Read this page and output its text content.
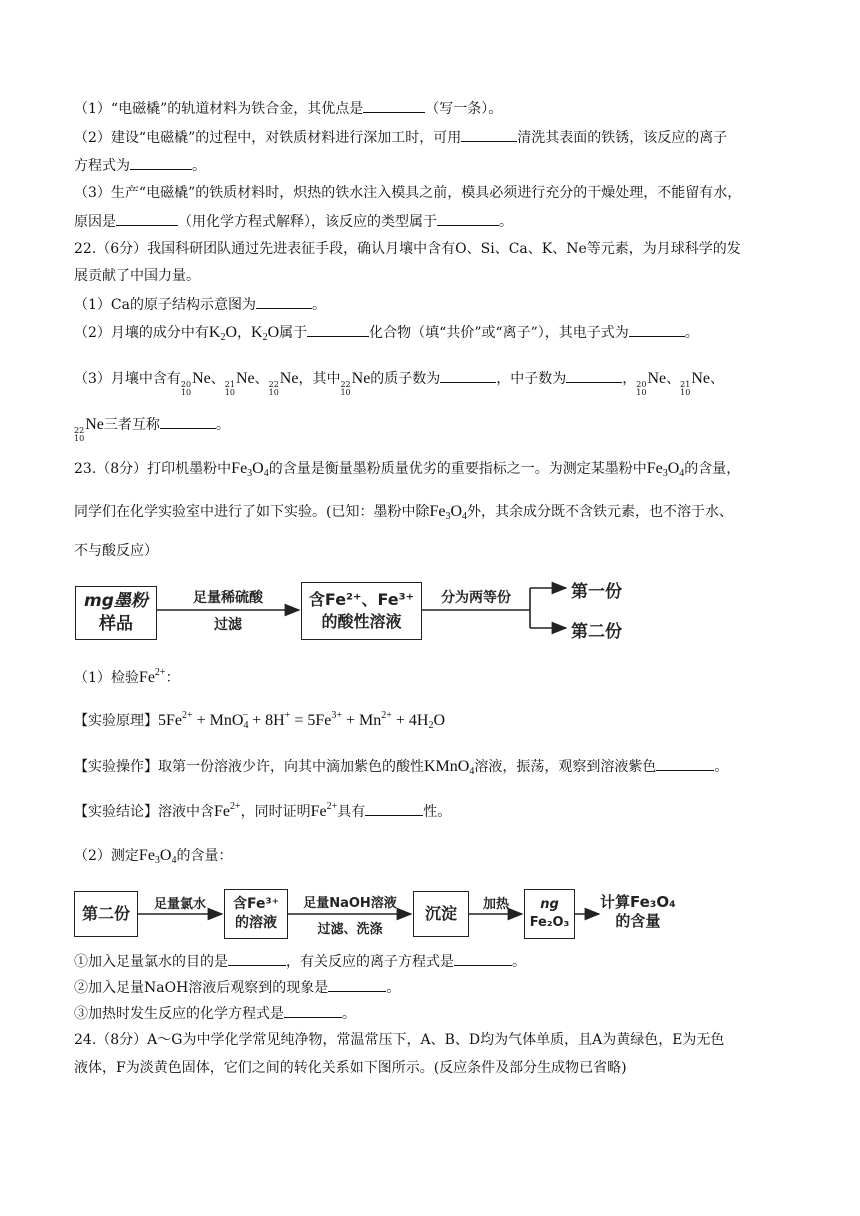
（1）“电磁橇”的轨道材料为铁合金，其优点是	（写一条）。
（2）建设“电磁橇”的过程中，对铁质材料进行深加工时，可用	清洗其表面的铁锈，该反应的离子
方程式为	。
（3）生产“电磁橇”的铁质材料时，炽热的铁水注入模具之前，模具必须进行充分的干燥处理，不能留有水，
原因是	（用化学方程式解释），该反应的类型属于	。
22.（6分）我国科研团队通过先进表征手段，确认月壤中含有O、Si、Ca、K、Ne等元素，为月球科学的发
展贡献了中国力量。
（1）Ca的原子结构示意图为	。
（2）月壤的成分中有$K_2O$，$K_2O$属于	化合物（填“共价”或“离子”），其电子式为	。
（3）月壤中含有 20
10
Ne、 21
10
Ne、 22
10
Ne，其中 22
10
Ne的质子数为	，中子数为	， 20
10
Ne、 21
10
Ne、
22
10
Ne三者互称	。
23.（8分）打印机墨粉中$Fe_3O_4$的含量是衡量墨粉质量优劣的重要指标之一。为测定某墨粉中$Fe_3O_4$的含量，
同学们在化学实验室中进行了如下实验。(已知：墨粉中除$Fe_3O_4$外，其余成分既不含铁元素，也不溶于水、
不与酸反应）
mg墨粉
样品
足量稀硫酸
过滤
含Fe²⁺、Fe³⁺
的酸性溶液
分为两等份	第一份
第二份
（1）检验$Fe^{2+}$：
【实验原理】$5Fe^{2+} + MnO_4^- + 8H^+ = 5Fe^{3+} + Mn^{2+} + 4H_2O$
【实验操作】取第一份溶液少许，向其中滴加紫色的酸性KMnO$_4$溶液，振荡，观察到溶液紫色	。
【实验结论】溶液中含$Fe^{2+}$，同时证明$Fe^{2+}$具有	性。
（2）测定$Fe_3O_4$的含量：
第二份	足量氯水	含Fe³⁺
的溶液
足量NaOH溶液
过滤、洗涤
沉淀	加热	ng
Fe₂O₃
计算Fe₃O₄
的含量
①加入足量氯水的目的是	，有关反应的离子方程式是	。
②加入足量NaOH溶液后观察到的现象是	。
③加热时发生反应的化学方程式是	。
24.（8分）A～G为中学化学常见纯净物，常温常压下，A、B、D均为气体单质，且A为黄绿色，E为无色
液体，F为淡黄色固体，它们之间的转化关系如下图所示。(反应条件及部分生成物已省略)
